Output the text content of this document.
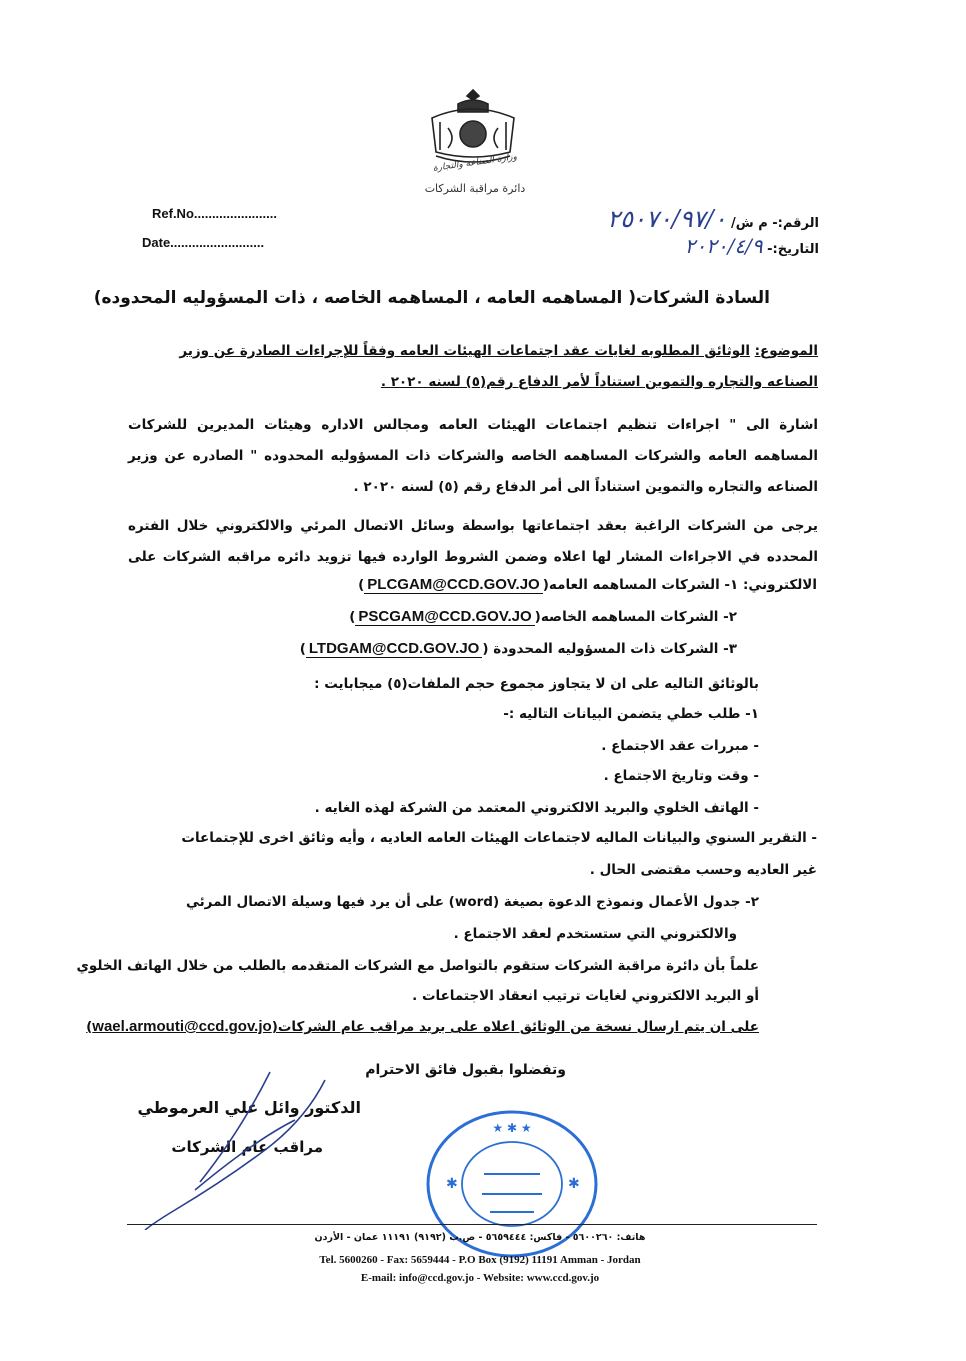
وزارة الصناعة والتجارة
دائرة مراقبة الشركات
Ref.No.......................
Date..........................
الرقم:- م ش/ ٢٥٠٧٠/٩٧/٠
التاريخ:- ٢٠٢٠/٤/٩
السادة الشركات( المساهمه العامه ، المساهمه الخاصه ، ذات المسؤوليه المحدوده)
الموضوع: الوثائق المطلوبه لغايات عقد اجتماعات الهيئات العامه وفقاً للإجراءات الصادرة عن وزير الصناعه والتجاره والتموين استناداً لأمر الدفاع رقم(٥) لسنه ٢٠٢٠ .
اشارة الى " اجراءات تنظيم اجتماعات الهيئات العامه ومجالس الاداره وهيئات المديرين للشركات المساهمه العامه والشركات المساهمه الخاصه والشركات ذات المسؤوليه المحدوده " الصادره عن وزير الصناعه والتجاره والتموين استناداً الى أمر الدفاع رقم (٥) لسنه ٢٠٢٠ .
يرجى من الشركات الراغبة بعقد اجتماعاتها بواسطة وسائل الاتصال المرئي والالكتروني خلال الفتره المحدده في الاجراءات المشار لها اعلاه وضمن الشروط الوارده فيها تزويد دائره مراقبه الشركات على
الالكتروني: ١- الشركات المساهمه العامه(PLCGAM@CCD.GOV.JO)
٢- الشركات المساهمه الخاصه(PSCGAM@CCD.GOV.JO)
٣- الشركات ذات المسؤوليه المحدودة (LTDGAM@CCD.GOV.JO)
بالوثائق التاليه على ان لا يتجاوز مجموع حجم الملفات(٥) ميجابايت :
١- طلب خطي يتضمن البيانات التاليه :-
- مبررات عقد الاجتماع .
- وقت وتاريخ الاجتماع .
- الهاتف الخلوي والبريد الالكتروني المعتمد من الشركة لهذه الغايه .
- التقرير السنوي والبيانات الماليه لاجتماعات الهيئات العامه العاديه ، وأيه وثائق اخرى للإجتماعات
غير العاديه وحسب مقتضى الحال .
٢- جدول الأعمال ونموذج الدعوة بصيغة (word) على أن يرد فيها وسيلة الاتصال المرئي
والالكتروني التي ستستخدم لعقد الاجتماع .
علماً بأن دائرة مراقبة الشركات ستقوم بالتواصل مع الشركات المتقدمه بالطلب من خلال الهاتف الخلوي
أو البريد الالكتروني لغايات ترتيب انعقاد الاجتماعات .
على ان يتم ارسال نسخة من الوثائق اعلاه على بريد مراقب عام الشركات(wael.armouti@ccd.gov.jo)
وتفضلوا بقبول فائق الاحترام
الدكتور وائل علي العرموطي
مراقب عام الشركات
★ ✱ ★
✱	✱
هاتف: ٥٦٠٠٢٦٠ - فاكس: ٥٦٥٩٤٤٤ - ص.ب (٩١٩٢) ١١١٩١ عمان - الأردن
Tel. 5600260 - Fax: 5659444 - P.O Box (9192) 11191 Amman - Jordan
E-mail: info@ccd.gov.jo - Website: www.ccd.gov.jo
